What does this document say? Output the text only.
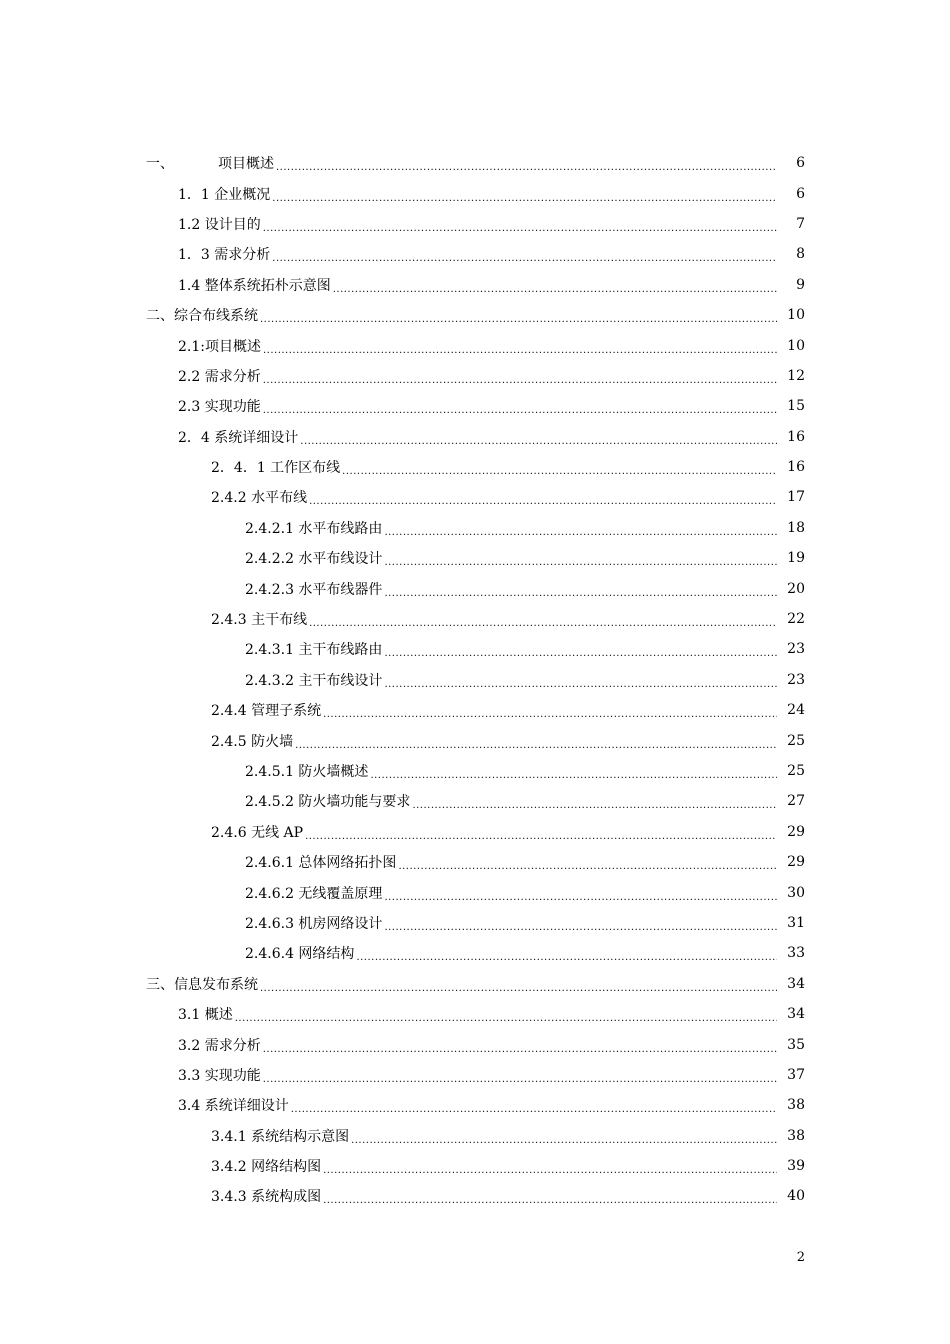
一、	项目概述 .....	6
1．1 企业概况 .....	6
1.2 设计目的 .....	7
1．3 需求分析 .....	8
1.4 整体系统拓朴示意图 .....	9
二、综合布线系统 .....	10
2.1:项目概述 .....	10
2.2 需求分析 .....	12
2.3 实现功能 .....	15
2．4 系统详细设计 .....	16
2．4．1 工作区布线 .....	16
2.4.2 水平布线 .....	17
2.4.2.1 水平布线路由 .....	18
2.4.2.2 水平布线设计 .....	19
2.4.2.3 水平布线器件 .....	20
2.4.3 主干布线 .....	22
2.4.3.1 主干布线路由 .....	23
2.4.3.2 主干布线设计 .....	23
2.4.4 管理子系统 .....	24
2.4.5 防火墙 .....	25
2.4.5.1 防火墙概述 .....	25
2.4.5.2 防火墙功能与要求 .....	27
2.4.6 无线 AP .....	29
2.4.6.1 总体网络拓扑图 .....	29
2.4.6.2 无线覆盖原理 .....	30
2.4.6.3 机房网络设计 .....	31
2.4.6.4 网络结构 .....	33
三、信息发布系统 .....	34
3.1 概述 .....	34
3.2 需求分析 .....	35
3.3 实现功能 .....	37
3.4 系统详细设计 .....	38
3.4.1 系统结构示意图 .....	38
3.4.2 网络结构图 .....	39
3.4.3 系统构成图 .....	40
2
